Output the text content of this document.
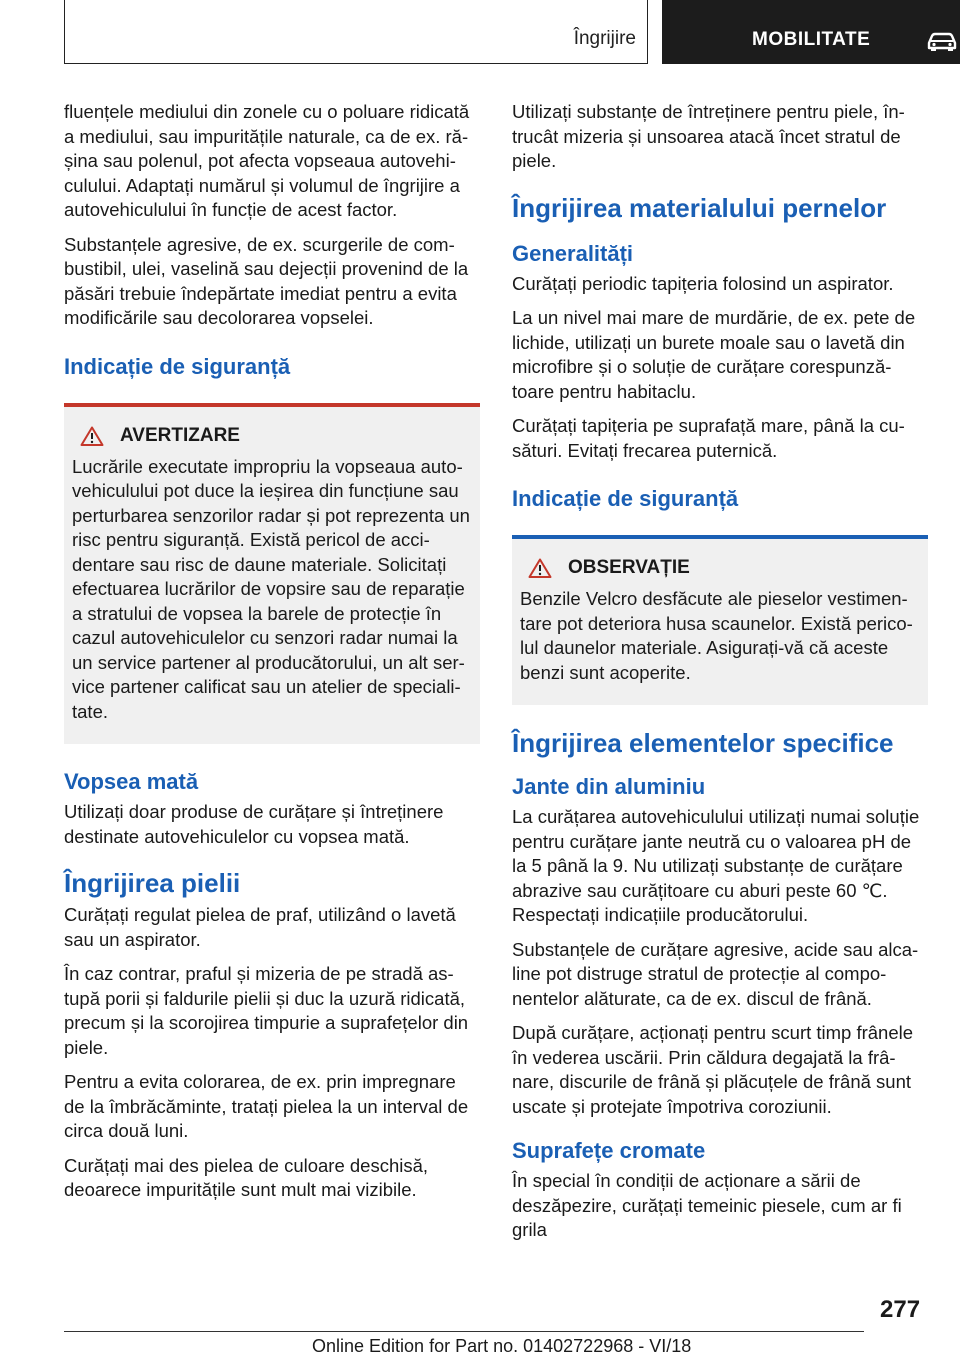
Îngrijire	MOBILITATE

fluențele mediului din zonele cu o poluare ridicată a mediului, sau impuritățile naturale, ca de ex. ră‐șina sau polenul, pot afecta vopseaua autovehi‐culului. Adaptați numărul și volumul de îngrijire a autovehiculului în funcție de acest factor.

Substanțele agresive, de ex. scurgerile de com‐bustibil, ulei, vaselină sau dejecții provenind de la păsări trebuie îndepărtate imediat pentru a evita modificările sau decolorarea vopselei.

Indicație de siguranță
AVERTIZARE

Lucrările executate impropriu la vopseaua auto‐vehiculului pot duce la ieșirea din funcțiune sau perturbarea senzorilor radar și pot reprezenta un risc pentru siguranță. Există pericol de acci‐dentare sau risc de daune materiale. Solicitați efectuarea lucrărilor de vopsire sau de reparație a stratului de vopsea la barele de protecție în cazul autovehiculelor cu senzori radar numai la un service partener al producătorului, un alt ser‐vice partener calificat sau un atelier de speciali‐tate.

Vopsea mată

Utilizați doar produse de curățare și întreținere destinate autovehiculelor cu vopsea mată.

Îngrijirea pielii

Curățați regulat pielea de praf, utilizând o lavetă sau un aspirator.

În caz contrar, praful și mizeria de pe stradă as‐tupă porii și faldurile pielii și duc la uzură ridicată, precum și la scorojirea timpurie a suprafețelor din piele.

Pentru a evita colorarea, de ex. prin impregnare de la îmbrăcăminte, tratați pielea la un interval de circa două luni.

Curățați mai des pielea de culoare deschisă, deoarece impuritățile sunt mult mai vizibile.

Utilizați substanțe de întreținere pentru piele, în‐trucât mizeria și unsoarea atacă încet stratul de piele.

Îngrijirea materialului pernelor
Generalități

Curățați periodic tapițeria folosind un aspirator.

La un nivel mai mare de murdărie, de ex. pete de lichide, utilizați un burete moale sau o lavetă din microfibre și o soluție de curățare corespunză‐toare pentru habitaclu.

Curățați tapițeria pe suprafață mare, până la cu‐sături. Evitați frecarea puternică.

Indicație de siguranță
OBSERVAȚIE

Benzile Velcro desfăcute ale pieselor vestimen‐tare pot deteriora husa scaunelor. Există perico‐lul daunelor materiale. Asigurați-vă că aceste benzi sunt acoperite.

Îngrijirea elementelor specifice
Jante din aluminiu

La curățarea autovehiculului utilizați numai soluție pentru curățare jante neutră cu o valoarea pH de la 5 până la 9. Nu utilizați substanțe de curățare abrazive sau curățitoare cu aburi peste 60 ℃. Respectați indicațiile producătorului.

Substanțele de curățare agresive, acide sau alca‐line pot distruge stratul de protecție al compo‐nentelor alăturate, ca de ex. discul de frână.

După curățare, acționați pentru scurt timp frânele în vederea uscării. Prin căldura degajată la frâ‐nare, discurile de frână și plăcuțele de frână sunt uscate și protejate împotriva coroziunii.

Suprafețe cromate

În special în condiții de acționare a sării de deszăpezire, curățați temeinic piesele, cum ar fi grila

277
Online Edition for Part no. 01402722968 - VI/18
